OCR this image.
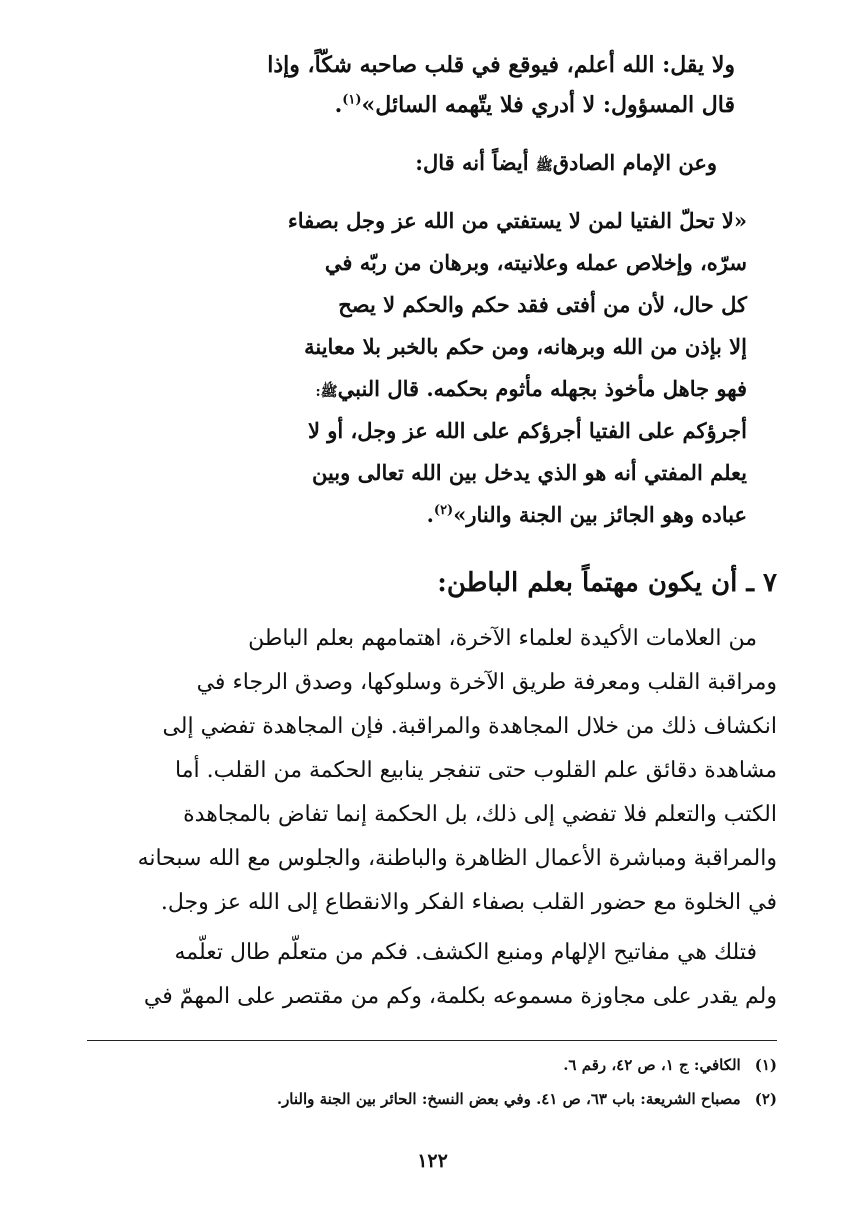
ولا يقل: الله أعلم، فيوقع في قلب صاحبه شكّاً، وإذا
قال المسؤول: لا أدري فلا يتّهمه السائل»$^{(١)}$.
وعن الإمام الصادقﷺ أيضاً أنه قال:
«لا تحلّ الفتيا لمن لا يستفتي من الله عز وجل بصفاء
سرّه، وإخلاص عمله وعلانيته، وبرهان من ربّه في
كل حال، لأن من أفتى فقد حكم والحكم لا يصح
إلا بإذن من الله وبرهانه، ومن حكم بالخبر بلا معاينة
فهو جاهل مأخوذ بجهله مأثوم بحكمه. قال النبيﷺ:
أجرؤكم على الفتيا أجرؤكم على الله عز وجل، أو لا
يعلم المفتي أنه هو الذي يدخل بين الله تعالى وبين
عباده وهو الجائز بين الجنة والنار»$^{(٢)}$.
٧ ـ أن يكون مهتماً بعلم الباطن:
من العلامات الأكيدة لعلماء الآخرة، اهتمامهم بعلم الباطن
ومراقبة القلب ومعرفة طريق الآخرة وسلوكها، وصدق الرجاء في
انكشاف ذلك من خلال المجاهدة والمراقبة. فإن المجاهدة تفضي إلى
مشاهدة دقائق علم القلوب حتى تنفجر ينابيع الحكمة من القلب. أما
الكتب والتعلم فلا تفضي إلى ذلك، بل الحكمة إنما تفاض بالمجاهدة
والمراقبة ومباشرة الأعمال الظاهرة والباطنة، والجلوس مع الله سبحانه
في الخلوة مع حضور القلب بصفاء الفكر والانقطاع إلى الله عز وجل.
فتلك هي مفاتيح الإلهام ومنبع الكشف. فكم من متعلّم طال تعلّمه
ولم يقدر على مجاوزة مسموعه بكلمة، وكم من مقتصر على المهمّ في
(١)الكافي: ج ١، ص ٤٢، رقم ٦.
(٢)مصباح الشريعة: باب ٦٣، ص ٤١. وفي بعض النسخ: الحائر بين الجنة والنار.
١٢٢
